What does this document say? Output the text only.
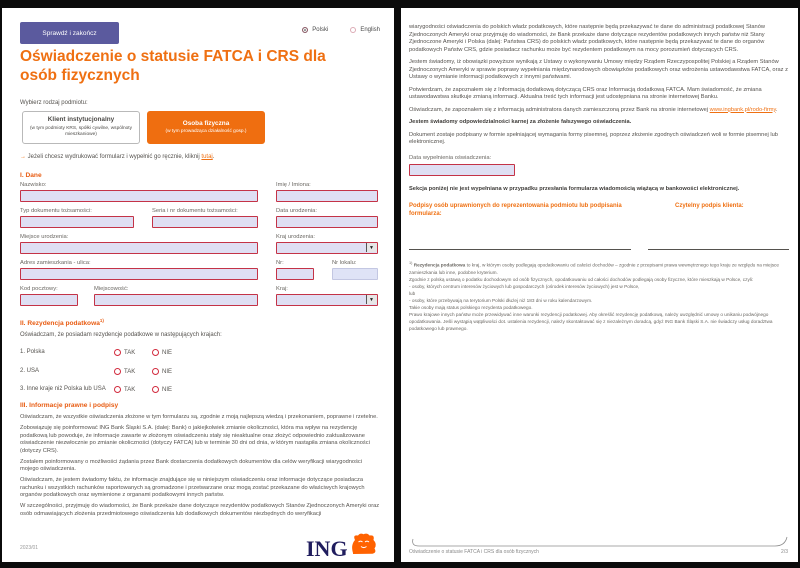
Sprawdź i zakończ	Polski	English
Oświadczenie o statusie FATCA i CRS dla osób fizycznych
Wybierz rodzaj podmiotu:
Klient instytucjonalny
(w tym podmioty KRS, spółki cywilne, wspólnoty mieszkaniowe)
Osoba fizyczna
(w tym prowadząca działalność gosp.)
→ Jeżeli chcesz wydrukować formularz i wypełnić go ręcznie, kliknij tutaj.
I. Dane
Nazwisko:	Imię / Imiona:
Typ dokumentu tożsamości:	Seria i nr dokumentu tożsamości:	Data urodzenia:
Miejsce urodzenia:	Kraj urodzenia:
▼
Adres zamieszkania - ulica:	Nr:	Nr lokalu:
Kod pocztowy:	Miejscowość:	Kraj:
▼
II. Rezydencja podatkowa$^{1)}$
Oświadczam, że posiadam rezydencje podatkowe w następujących krajach:
1. Polska	TAK	NIE
2. USA	TAK	NIE
3. Inne kraje niż Polska lub USA	TAK	NIE
III. Informacje prawne i podpisy

Oświadczam, że wszystkie oświadczenia złożone w tym formularzu są, zgodnie z moją najlepszą wiedzą i przekonaniem, poprawne i rzetelne.

Zobowiązuję się poinformować ING Bank Śląski S.A. (dalej: Bank) o jakiejkolwiek zmianie okoliczności, która ma wpływ na rezydencję podatkową lub powoduje, że informacje zawarte w złożonym oświadczeniu stały się nieaktualne oraz złożyć odpowiednio zaktualizowane oświadczenie niezwłocznie po zmianie okoliczności (dotyczy FATCA) lub w terminie 30 dni od dnia, w którym nastąpiła zmiana okoliczności (dotyczy CRS).

Zostałem poinformowany o możliwości żądania przez Bank dostarczenia dodatkowych dokumentów dla celów weryfikacji wiarygodności mojego oświadczenia.

Oświadczam, że jestem świadomy faktu, że informacje znajdujące się w niniejszym oświadczeniu oraz informacje dotyczące posiadacza rachunku i wszystkich rachunków raportowanych są gromadzone i przetwarzane oraz mogą zostać przekazane do właściwych krajowych organów podatkowych oraz wymienione z organami podatkowymi innych państw.

W szczególności, przyjmuję do wiadomości, że Bank przekaże dane dotyczące rezydentów podatkowych Stanów Zjednoczonych Ameryki oraz osób odmawiających złożenia przedmiotowego oświadczenia lub dodatkowych dokumentów niezbędnych do weryfikacji

2023/01	ING

wiarygodności oświadczenia do polskich władz podatkowych, które następnie będą przekazywać te dane do administracji podatkowej Stanów Zjednoczonych Ameryki oraz przyjmuję do wiadomości, że Bank przekaże dane dotyczące rezydentów podatkowych innych państw niż Stany Zjednoczone Ameryki i Polska (dalej: Państwa CRS) do polskich władz podatkowych, które następnie będą przekazywać te dane do organów podatkowych Państw CRS, gdzie posiadacz rachunku może być rezydentem podatkowym na mocy porozumień dotyczących CRS.

Jestem świadomy, iż obowiązki powyższe wynikają z Ustawy o wykonywaniu Umowy między Rządem Rzeczypospolitej Polskiej a Rządem Stanów Zjednoczonych Ameryki w sprawie poprawy wypełniania międzynarodowych obowiązków podatkowych oraz wdrożenia ustawodawstwa FATCA, oraz z Ustawy o wymianie informacji podatkowych z innymi państwami.

Potwierdzam, że zapoznałem się z Informacją dodatkową dotyczącą CRS oraz Informacją dodatkową FATCA. Mam świadomość, że zmiana ustawodawstwa skutkuje zmianą informacji. Aktualna treść tych informacji jest udostępniana na stronie internetowej Banku.

Oświadczam, że zapoznałem się z informacją administratora danych zamieszczoną przez Bank na stronie internetowej www.ingbank.pl/rodo-firmy.

Jestem świadomy odpowiedzialności karnej za złożenie fałszywego oświadczenia.

Dokument zostaje podpisany w formie spełniającej wymagania formy pisemnej, poprzez złożenie zgodnych oświadczeń woli w formie pisemnej lub elektronicznej.

Data wypełnienia oświadczenia:
Sekcja poniżej nie jest wypełniana w przypadku przesłania formularza wiadomością wiążącą w bankowości elektronicznej.
Podpisy osób uprawnionych do reprezentowania podmiotu lub podpisania formularza:
Czytelny podpis klienta:
$^{1)}$ Rezydencja podatkowa to kraj, w którym osoby podlegają opodatkowaniu od całości dochodów – zgodnie z przepisami prawa wewnętrznego tego kraju ze względu na miejsce zamieszkania lub inne, podobne kryterium.
Zgodnie z polską ustawą o podatku dochodowym od osób fizycznych, opodatkowaniu od całości dochodów podlegają osoby fizyczne, które mieszkają w Polsce, czyli:
- osoby, których centrum interesów życiowych lub gospodarczych (ośrodek interesów życiowych) jest w Polsce,
lub
- osoby, które przebywają na terytorium Polski dłużej niż 183 dni w roku kalendarzowym.
Takie osoby mają status polskiego rezydenta podatkowego.
Prawo krajowe innych państw może przewidywać inne warunki rezydencji podatkowej. Aby określić rezydencję podatkową, należy uwzględnić umowy o unikaniu podwójnego opodatkowania. Jeśli wystąpią wątpliwości dot. ustalenia rezydencji, należy skontaktować się z niezależnym doradcą, gdyż ING Bank Śląski S.A. nie świadczy usług doradztwa podatkowego lub prawnego.
Oświadczenie o statusie FATCA i CRS dla osób fizycznych	2/3
